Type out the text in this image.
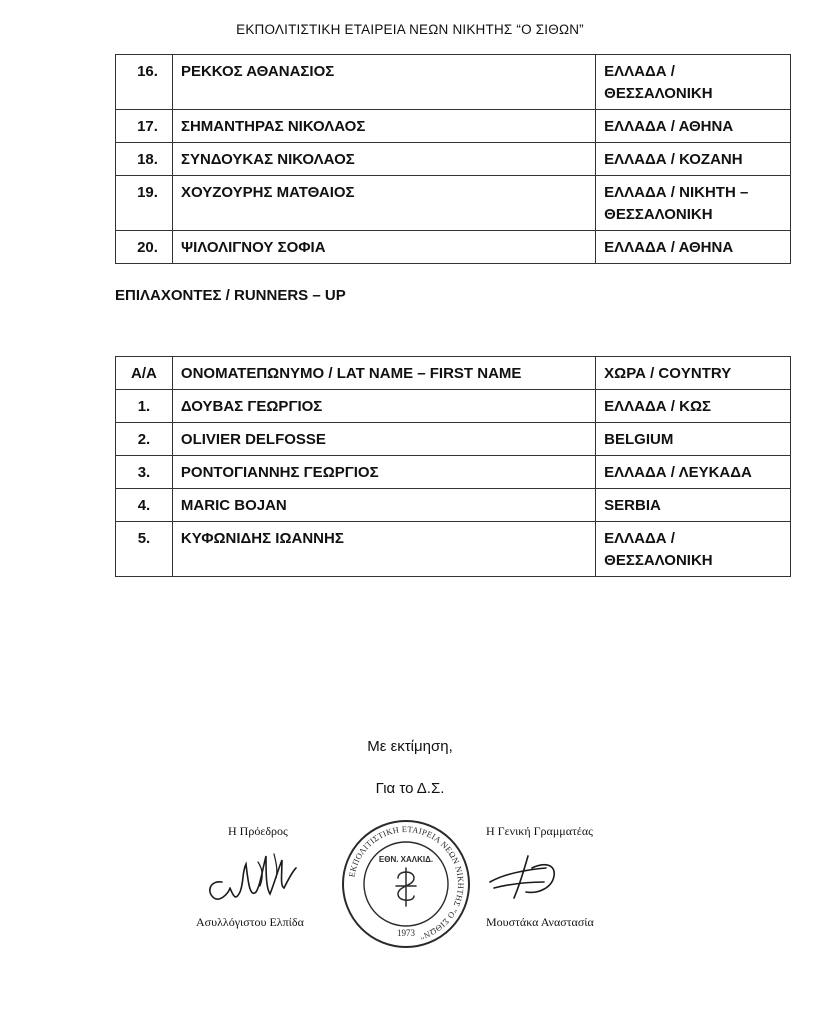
ΕΚΠΟΛΙΤΙΣΤΙΚΗ ΕΤΑΙΡΕΙΑ ΝΕΩΝ ΝΙΚΗΤΗΣ “Ο ΣΙΘΩΝ”
16.	ΡΕΚΚΟΣ ΑΘΑΝΑΣΙΟΣ	ΕΛΛΑΔΑ /
ΘΕΣΣΑΛΟΝΙΚΗ

17.	ΣΗΜΑΝΤΗΡΑΣ ΝΙΚΟΛΑΟΣ	ΕΛΛΑΔΑ / ΑΘΗΝΑ

18.	ΣΥΝΔΟΥΚΑΣ ΝΙΚΟΛΑΟΣ	ΕΛΛΑΔΑ / ΚΟΖΑΝΗ

19.	ΧΟΥΖΟΥΡΗΣ ΜΑΤΘΑΙΟΣ	ΕΛΛΑΔΑ / ΝΙΚΗΤΗ –
ΘΕΣΣΑΛΟΝΙΚΗ

20.	ΨΙΛΟΛΙΓΝΟΥ ΣΟΦΙΑ	ΕΛΛΑΔΑ / ΑΘΗΝΑ
ΕΠΙΛΑΧΟΝΤΕΣ / RUNNERS – UP
Α/Α	ΟΝΟΜΑΤΕΠΩΝΥΜΟ / LAT NAME – FIRST NAME	ΧΩΡΑ / COYNTRY
1.	ΔΟΥΒΑΣ ΓΕΩΡΓΙΟΣ	ΕΛΛΑΔΑ / ΚΩΣ

2.	OLIVIER DELFOSSE	BELGIUM

3.	ΡΟΝΤΟΓΙΑΝΝΗΣ ΓΕΩΡΓΙΟΣ	ΕΛΛΑΔΑ / ΛΕΥΚΑΔΑ

4.	MARIC BOJAN	SERBIA

5.	ΚΥΦΩΝΙΔΗΣ ΙΩΑΝΝΗΣ	ΕΛΛΑΔΑ /
ΘΕΣΣΑΛΟΝΙΚΗ
Με εκτίμηση,
Για το Δ.Σ.
Η Πρόεδρος
Ασυλλόγιστου Ελπίδα
ΕΚΠΟΛΙΤΙΣΤΙΚΗ ΕΤΑΙΡΕΙΑ ΝΕΩΝ ΝΙΚΗΤΗΣ "Ο ΣΙΘΩΝ"
ΕΘΝ. ΧΑΛΚΙΔ.
1973
Η Γενική Γραμματέας
Μουστάκα Αναστασία
